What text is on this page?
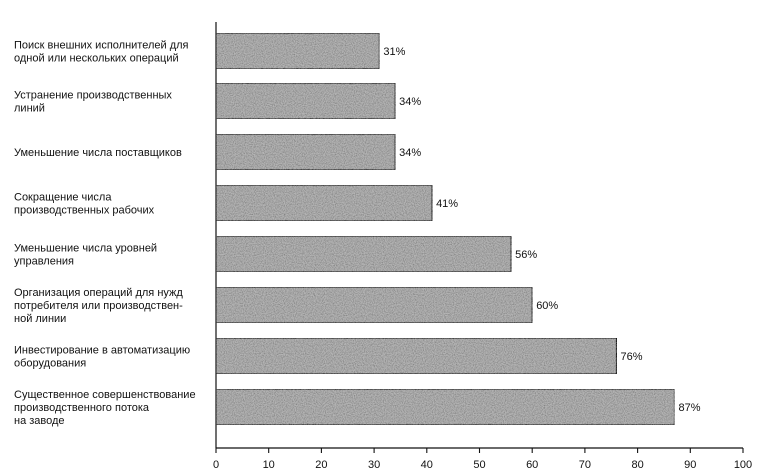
31%
Поиск внешних исполнителей для
одной или нескольких операций
34%
Устранение производственных
линий
34%
Уменьшение числа поставщиков
41%
Сокращение числа
производственных рабочих
56%
Уменьшение числа уровней
управления
60%
Организация операций для нужд
потребителя или производствен-
ной линии
76%
Инвестирование в автоматизацию
оборудования
87%
Существенное совершенствование
производственного потока
на заводе
0	10	20	30	40	50	60	70	80	90	100
